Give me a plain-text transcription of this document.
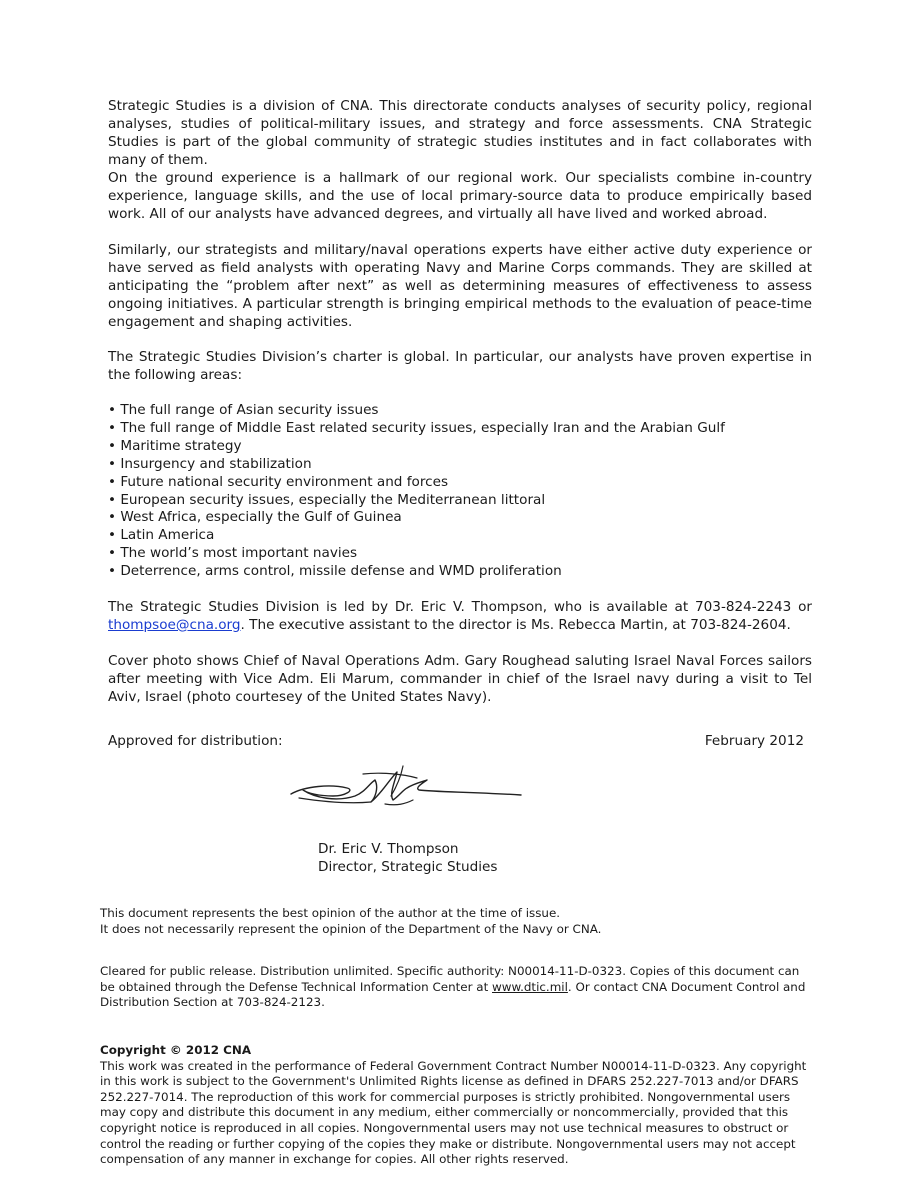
Strategic Studies is a division of CNA. This directorate conducts analyses of security policy, regional analyses, studies of political-military issues, and strategy and force assessments. CNA Strategic Studies is part of the global community of strategic studies institutes and in fact collaborates with many of them.

On the ground experience is a hallmark of our regional work. Our specialists combine in-country experience, language skills, and the use of local primary-source data to produce empirically based work. All of our analysts have advanced degrees, and virtually all have lived and worked abroad.

Similarly, our strategists and military/naval operations experts have either active duty experience or have served as field analysts with operating Navy and Marine Corps commands. They are skilled at anticipating the “problem after next” as well as determining measures of effectiveness to assess ongoing initiatives. A particular strength is bringing empirical methods to the evaluation of peace-time engagement and shaping activities.

The Strategic Studies Division’s charter is global. In particular, our analysts have proven expertise in the following areas:

• The full range of Asian security issues
• The full range of Middle East related security issues, especially Iran and the Arabian Gulf
• Maritime strategy
• Insurgency and stabilization
• Future national security environment and forces
• European security issues, especially the Mediterranean littoral
• West Africa, especially the Gulf of Guinea
• Latin America
• The world’s most important navies
• Deterrence, arms control, missile defense and WMD proliferation

The Strategic Studies Division is led by Dr. Eric V. Thompson, who is available at 703-824-2243 or thompsoe@cna.org. The executive assistant to the director is Ms. Rebecca Martin, at 703-824-2604.

Cover photo shows Chief of Naval Operations Adm. Gary Roughead saluting Israel Naval Forces sailors after meeting with Vice Adm. Eli Marum, commander in chief of the Israel navy during a visit to Tel Aviv, Israel (photo courtesey of the United States Navy).

Approved for distribution:	February 2012
Dr. Eric V. Thompson
Director, Strategic Studies
This document represents the best opinion of the author at the time of issue.
It does not necessarily represent the opinion of the Department of the Navy or CNA.
Cleared for public release. Distribution unlimited. Specific authority: N00014-11-D-0323. Copies of this document can be obtained through the Defense Technical Information Center at www.dtic.mil. Or contact CNA Document Control and Distribution Section at 703-824-2123.
Copyright © 2012 CNA
This work was created in the performance of Federal Government Contract Number N00014-11-D-0323. Any copyright in this work is subject to the Government's Unlimited Rights license as defined in DFARS 252.227-7013 and/or DFARS 252.227-7014. The reproduction of this work for commercial purposes is strictly prohibited. Nongovernmental users may copy and distribute this document in any medium, either commercially or noncommercially, provided that this copyright notice is reproduced in all copies. Nongovernmental users may not use technical measures to obstruct or control the reading or further copying of the copies they make or distribute. Nongovernmental users may not accept compensation of any manner in exchange for copies. All other rights reserved.
